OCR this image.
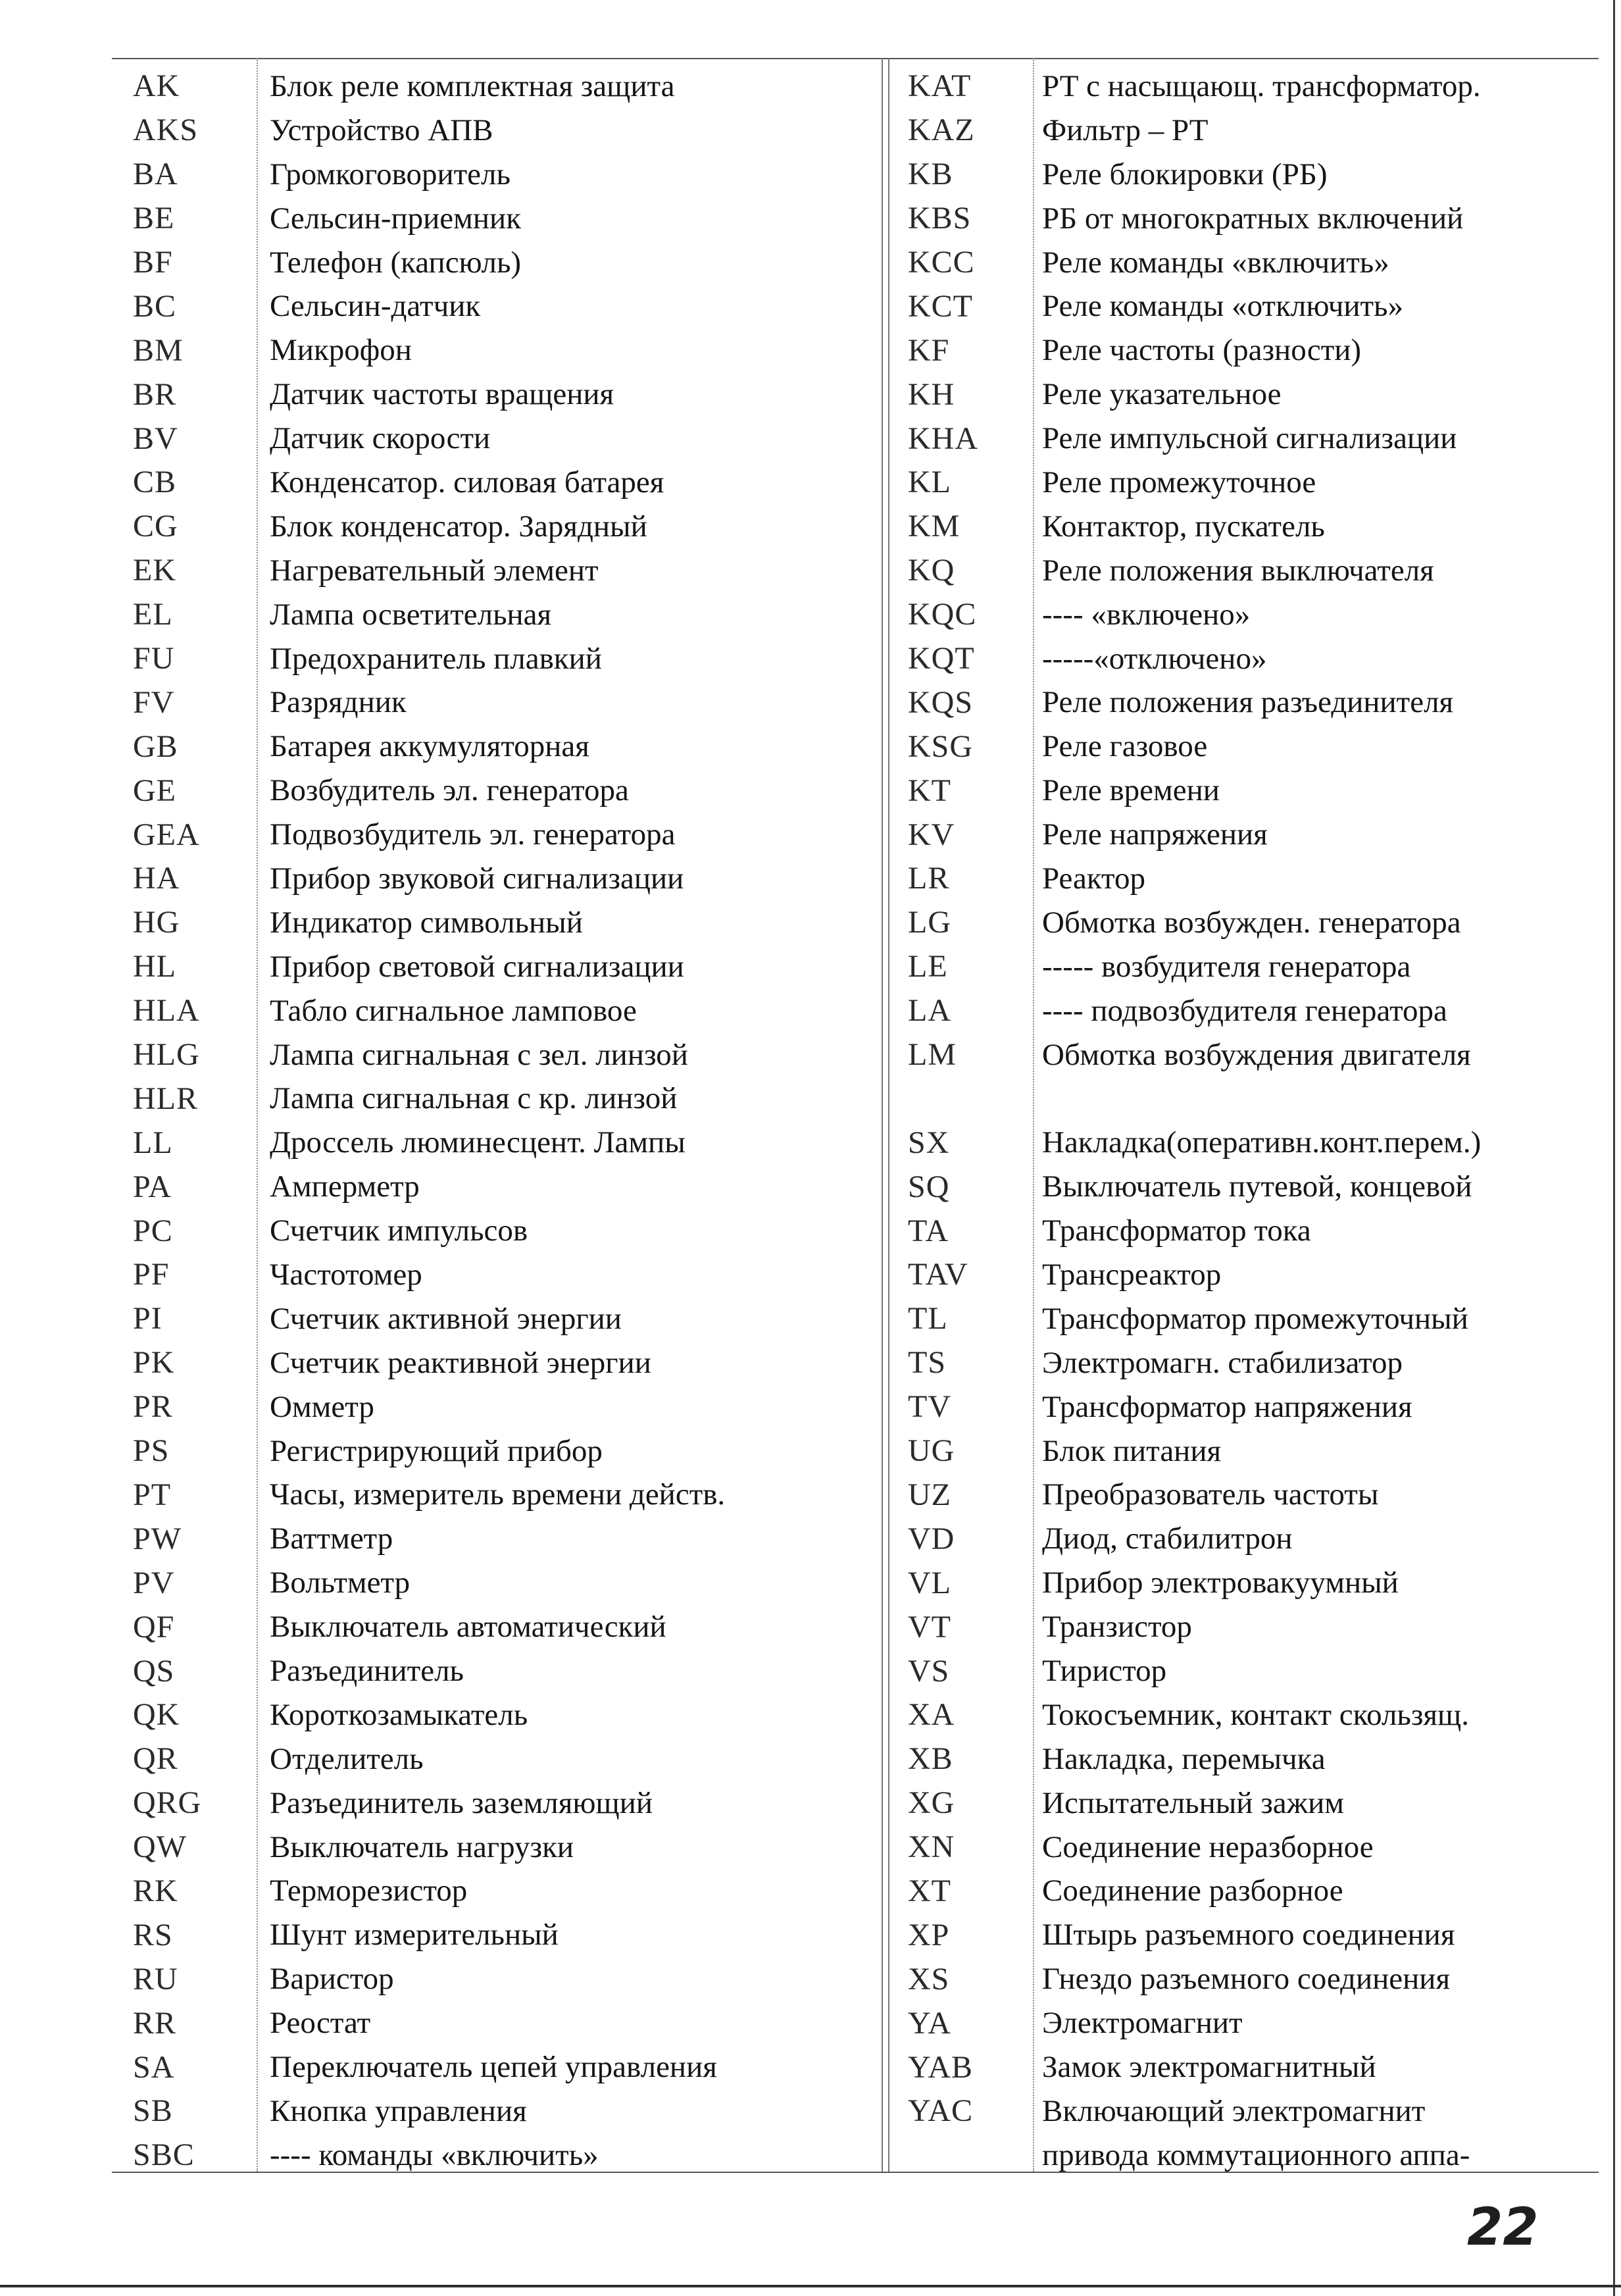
AK	Блок реле комплектная защита
AKS	Устройство АПВ
BA	Громкоговоритель
BE	Сельсин-приемник
BF	Телефон (капсюль)
BC	Сельсин-датчик
BM	Микрофон
BR	Датчик частоты вращения
BV	Датчик скорости
CB	Конденсатор. силовая батарея
CG	Блок конденсатор. Зарядный
EK	Нагревательный элемент
EL	Лампа осветительная
FU	Предохранитель плавкий
FV	Разрядник
GB	Батарея аккумуляторная
GE	Возбудитель эл. генератора
GEA	Подвозбудитель эл. генератора
HA	Прибор звуковой сигнализации
HG	Индикатор символьный
HL	Прибор световой сигнализации
HLA	Табло сигнальное ламповое
HLG	Лампа сигнальная с зел. линзой
HLR	Лампа сигнальная с кр. линзой
LL	Дроссель люминесцент. Лампы
PA	Амперметр
PC	Счетчик импульсов
PF	Частотомер
PI	Счетчик активной энергии
PK	Счетчик реактивной энергии
PR	Омметр
PS	Регистрирующий прибор
PT	Часы, измеритель времени действ.
PW	Ваттметр
PV	Вольтметр
QF	Выключатель автоматический
QS	Разъединитель
QK	Короткозамыкатель
QR	Отделитель
QRG	Разъединитель заземляющий
QW	Выключатель нагрузки
RK	Терморезистор
RS	Шунт измерительный
RU	Варистор
RR	Реостат
SA	Переключатель цепей управления
SB	Кнопка управления
SBC	---- команды «включить»
KAT	РТ с насыщающ. трансформатор.
KAZ	Фильтр – РТ
KB	Реле блокировки (РБ)
KBS	РБ от многократных включений
KCC	Реле команды «включить»
KCT	Реле команды «отключить»
KF	Реле частоты (разности)
KH	Реле указательное
KHA	Реле импульсной сигнализации
KL	Реле промежуточное
KM	Контактор, пускатель
KQ	Реле положения выключателя
KQC	---- «включено»
KQT	-----«отключено»
KQS	Реле положения разъединителя
KSG	Реле газовое
KT	Реле времени
KV	Реле напряжения
LR	Реактор
LG	Обмотка возбужден. генератора
LE	----- возбудителя генератора
LA	---- подвозбудителя генератора
LM	Обмотка возбуждения двигателя
SX	Накладка(оперативн.конт.перем.)
SQ	Выключатель путевой, концевой
TA	Трансформатор тока
TAV	Трансреактор
TL	Трансформатор промежуточный
TS	Электромагн. стабилизатор
TV	Трансформатор напряжения
UG	Блок питания
UZ	Преобразователь частоты
VD	Диод, стабилитрон
VL	Прибор электровакуумный
VT	Транзистор
VS	Тиристор
XA	Токосъемник, контакт скользящ.
XB	Накладка, перемычка
XG	Испытательный зажим
XN	Соединение неразборное
XT	Соединение разборное
XP	Штырь разъемного соединения
XS	Гнездо разъемного соединения
YA	Электромагнит
YAB	Замок электромагнитный
YAC	Включающий электромагнит
привода коммутационного аппа-
22
